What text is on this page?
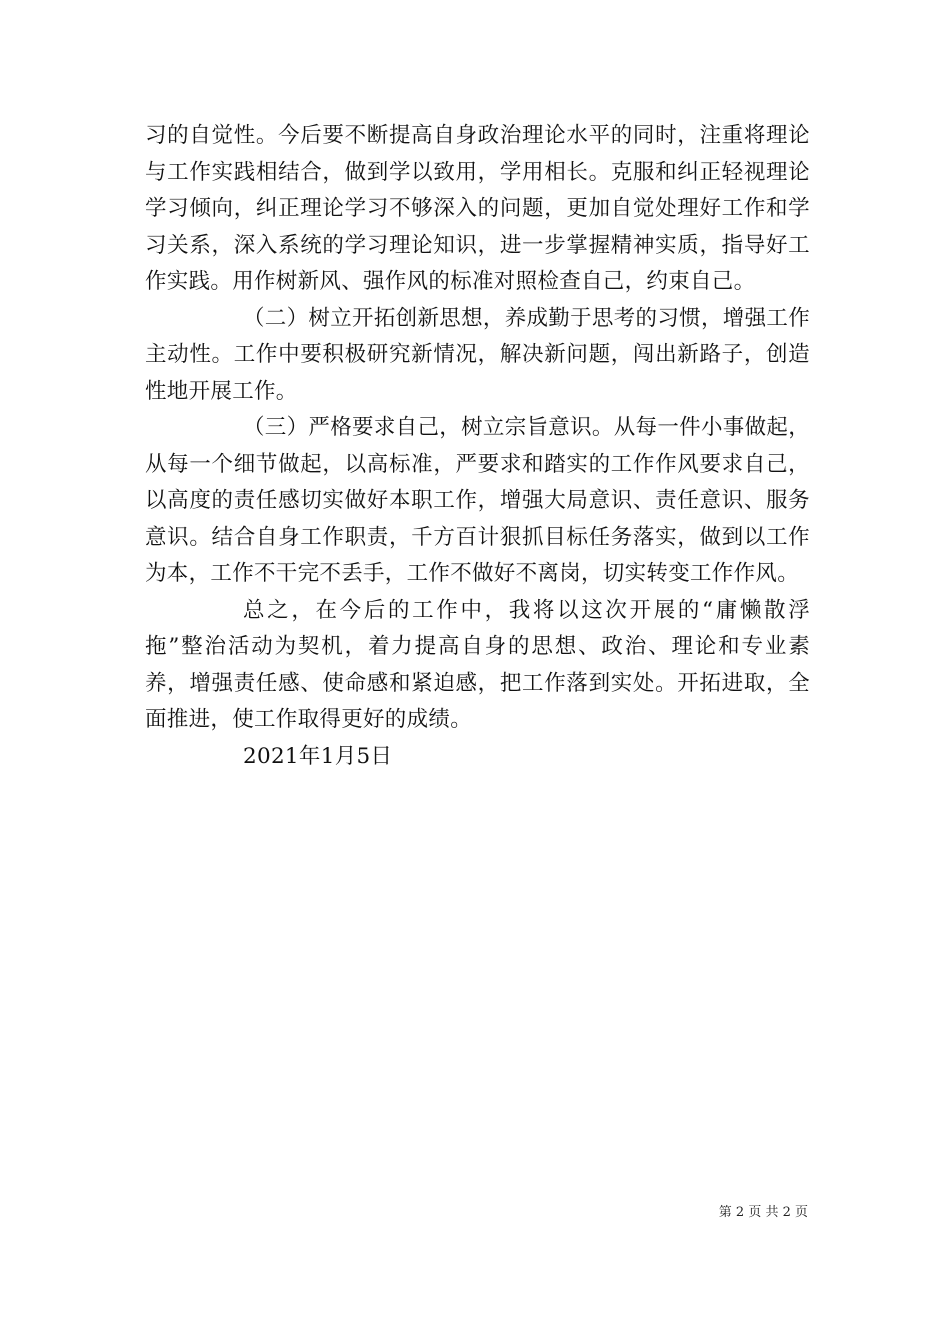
习的自觉性。今后要不断提高自身政治理论水平的同时，注重将理论与工作实践相结合，做到学以致用，学用相长。克服和纠正轻视理论学习倾向，纠正理论学习不够深入的问题，更加自觉处理好工作和学习关系，深入系统的学习理论知识，进一步掌握精神实质，指导好工作实践。用作树新风、强作风的标准对照检查自己，约束自己。

（二）树立开拓创新思想，养成勤于思考的习惯，增强工作主动性。工作中要积极研究新情况，解决新问题，闯出新路子，创造性地开展工作。

（三）严格要求自己，树立宗旨意识。从每一件小事做起，从每一个细节做起，以高标准，严要求和踏实的工作作风要求自己，以高度的责任感切实做好本职工作，增强大局意识、责任意识、服务意识。结合自身工作职责，千方百计狠抓目标任务落实，做到以工作为本，工作不干完不丢手，工作不做好不离岗，切实转变工作作风。

总之，在今后的工作中，我将以这次开展的“庸懒散浮拖”整治活动为契机，着力提高自身的思想、政治、理论和专业素养，增强责任感、使命感和紧迫感，把工作落到实处。开拓进取，全面推进，使工作取得更好的成绩。

2021年1月5日

第 2 页 共 2 页
